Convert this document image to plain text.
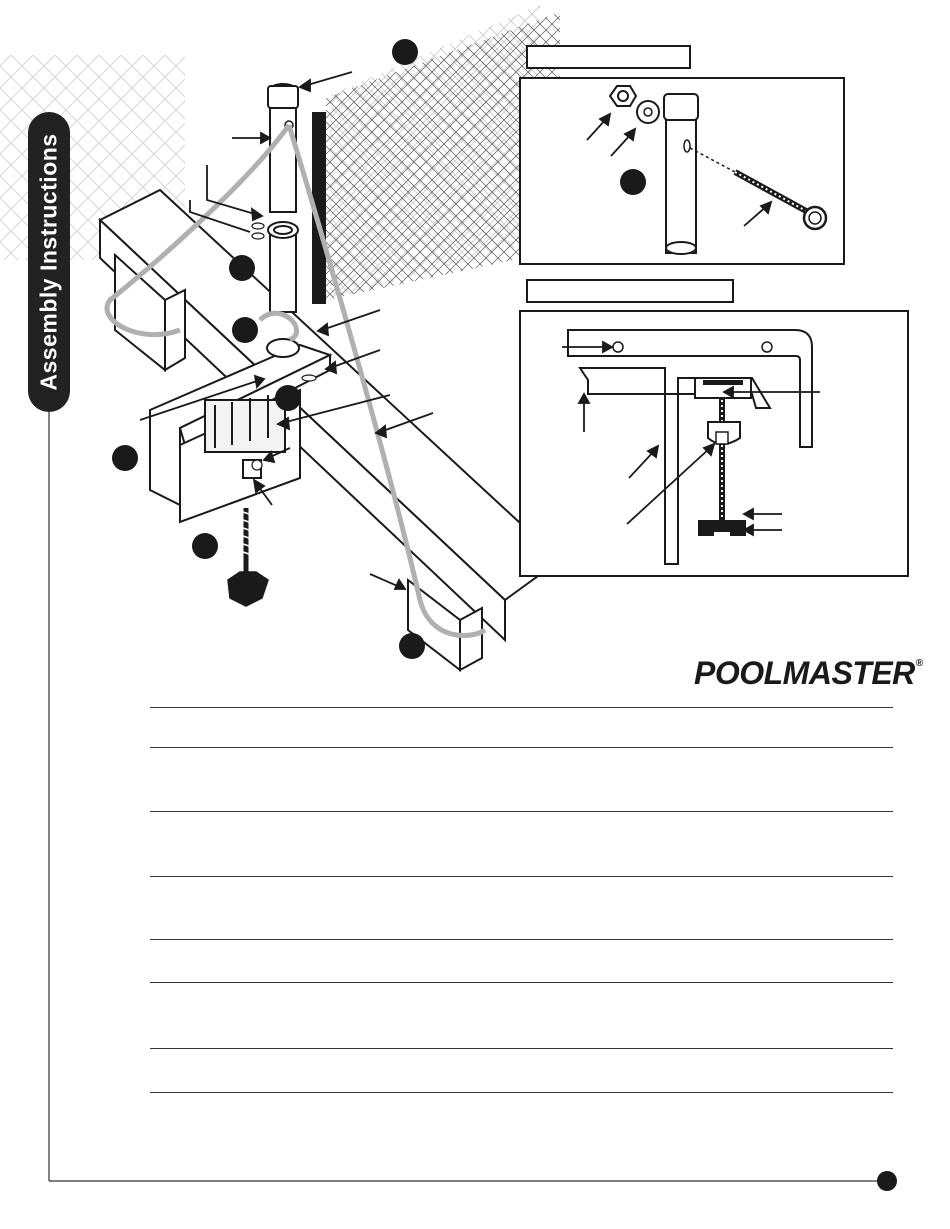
Assembly Instructions
POOLMASTER®
